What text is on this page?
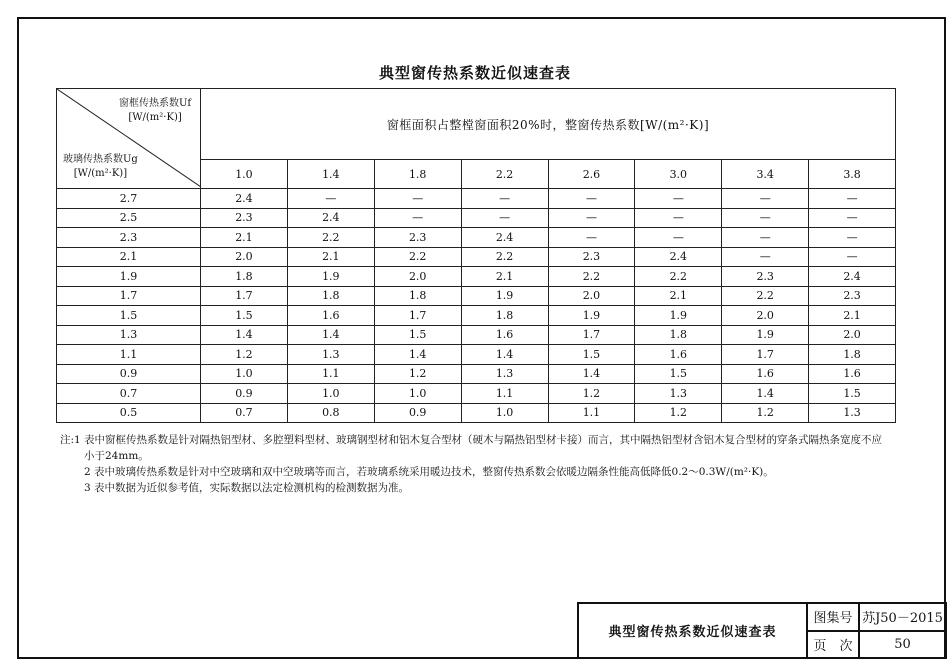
典型窗传热系数近似速查表
窗框传热系数Uf
[W/(m²·K)]
玻璃传热系数Ug
[W/(m²·K)]	窗框面积占整樘窗面积20%时，整窗传热系数[W/(m²·K)]							
	1.0	1.4	1.8	2.2	2.6	3.0	3.4	3.8
2.7	2.4	—	—	—	—	—	—	—
2.5	2.3	2.4	—	—	—	—	—	—
2.3	2.1	2.2	2.3	2.4	—	—	—	—
2.1	2.0	2.1	2.2	2.2	2.3	2.4	—	—
1.9	1.8	1.9	2.0	2.1	2.2	2.2	2.3	2.4
1.7	1.7	1.8	1.8	1.9	2.0	2.1	2.2	2.3
1.5	1.5	1.6	1.7	1.8	1.9	1.9	2.0	2.1
1.3	1.4	1.4	1.5	1.6	1.7	1.8	1.9	2.0
1.1	1.2	1.3	1.4	1.4	1.5	1.6	1.7	1.8
0.9	1.0	1.1	1.2	1.3	1.4	1.5	1.6	1.6
0.7	0.9	1.0	1.0	1.1	1.2	1.3	1.4	1.5
0.5	0.7	0.8	0.9	1.0	1.1	1.2	1.2	1.3

注:1 表中窗框传热系数是针对隔热铝型材、多腔塑料型材、玻璃钢型材和铝木复合型材（硬木与隔热铝型材卡接）而言，其中隔热铝型材含铝木复合型材的穿条式隔热条宽度不应

小于24mm。

2 表中玻璃传热系数是针对中空玻璃和双中空玻璃等而言，若玻璃系统采用暖边技术，整窗传热系数会依暖边隔条性能高低降低0.2～0.3W/(m²·K)。

3 表中数据为近似参考值，实际数据以法定检测机构的检测数据为准。

典型窗传热系数近似速查表	图集号	苏J50－2015
	页　次	50
